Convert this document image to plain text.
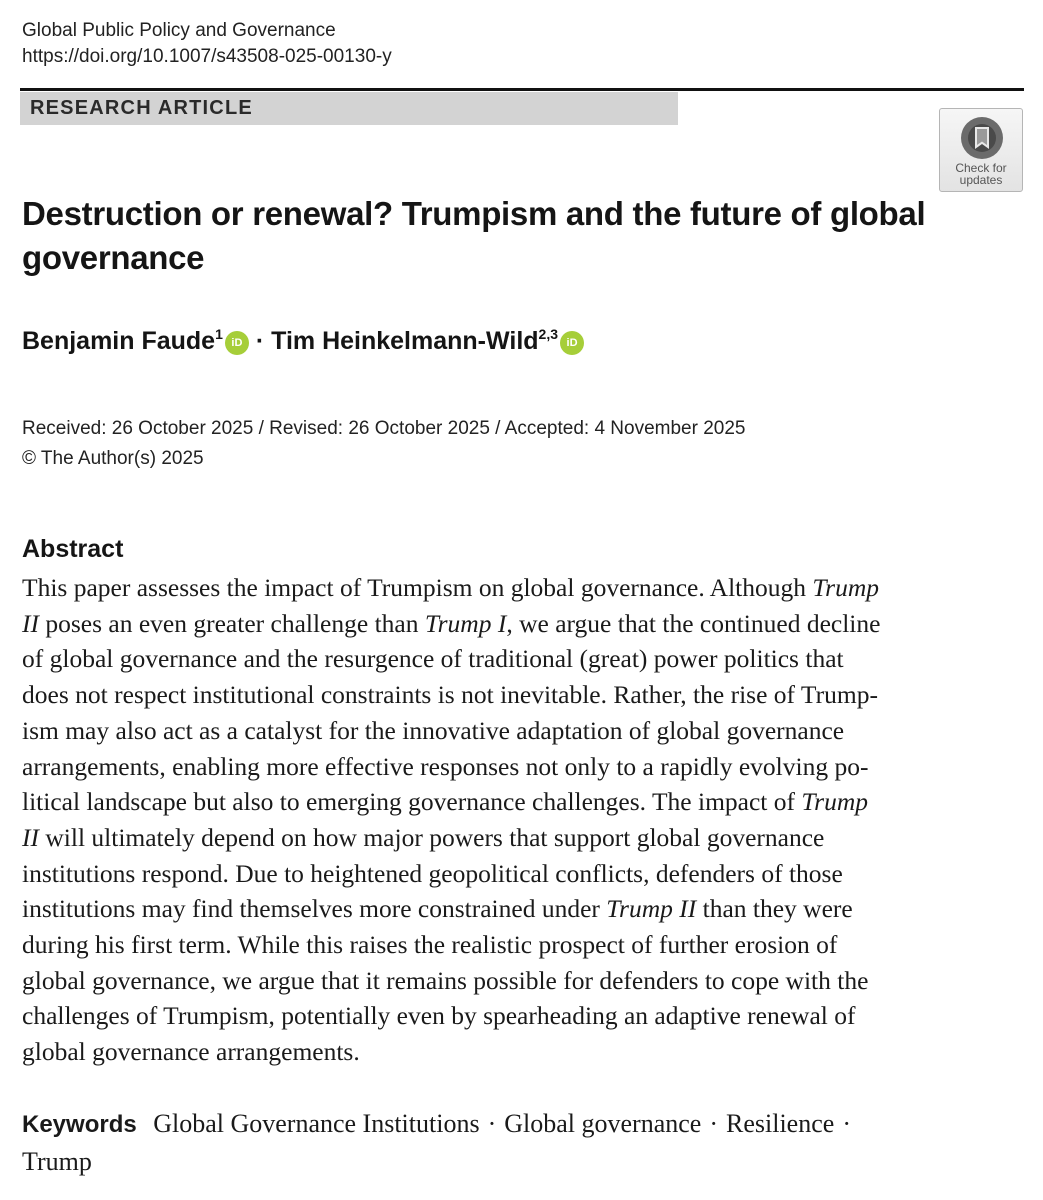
Global Public Policy and Governance
https://doi.org/10.1007/s43508-025-00130-y
RESEARCH ARTICLE
Check for
updates
Destruction or renewal? Trumpism and the future of global governance
Benjamin Faude$^1$iD · Tim Heinkelmann-Wild$^{2,3}$iD
Received: 26 October 2025 / Revised: 26 October 2025 / Accepted: 4 November 2025
© The Author(s) 2025
Abstract

This paper assesses the impact of Trumpism on global governance. Although Trump
II poses an even greater challenge than Trump I, we argue that the continued decline
of global governance and the resurgence of traditional (great) power politics that
does not respect institutional constraints is not inevitable. Rather, the rise of Trump-
ism may also act as a catalyst for the innovative adaptation of global governance
arrangements, enabling more effective responses not only to a rapidly evolving po-
litical landscape but also to emerging governance challenges. The impact of Trump
II will ultimately depend on how major powers that support global governance
institutions respond. Due to heightened geopolitical conflicts, defenders of those
institutions may find themselves more constrained under Trump II than they were
during his first term. While this raises the realistic prospect of further erosion of
global governance, we argue that it remains possible for defenders to cope with the
challenges of Trumpism, potentially even by spearheading an adaptive renewal of
global governance arrangements.

Keywords Global Governance Institutions · Global governance · Resilience ·
Trump
